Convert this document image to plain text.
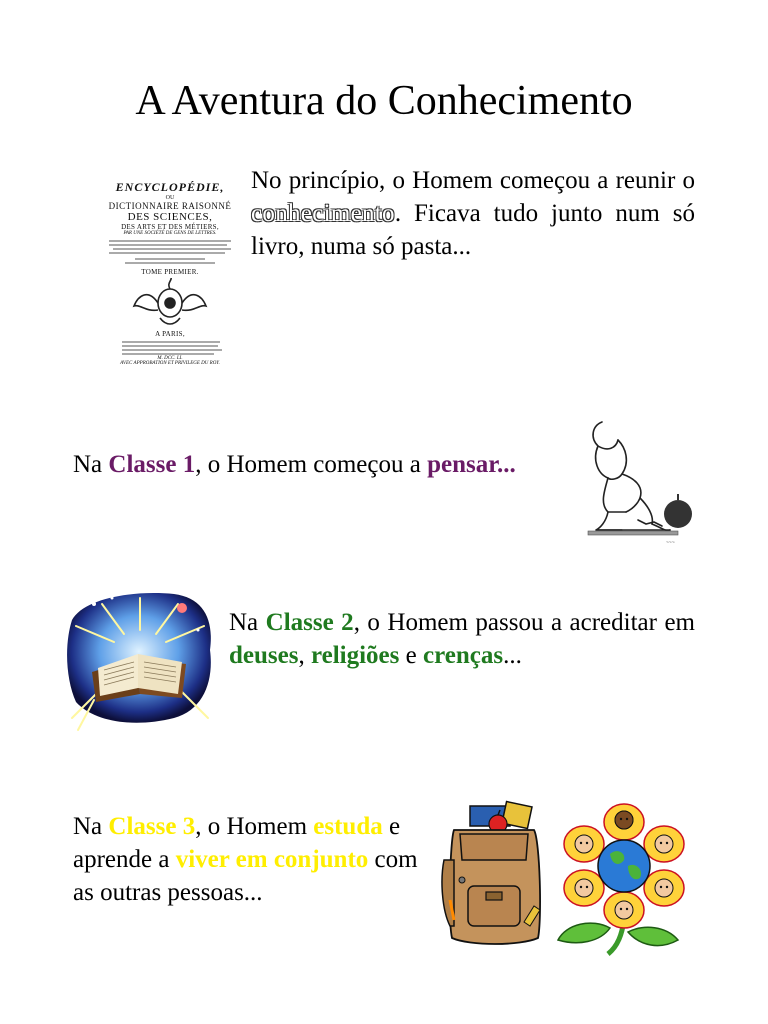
A Aventura do Conhecimento
ENCYCLOPÉDIE,
OU
DICTIONNAIRE RAISONNÉ
DES SCIENCES,
DES ARTS ET DES MÉTIERS,
PAR UNE SOCIÉTÉ DE GENS DE LETTRES.
TOME PREMIER.
A PARIS,
M. DCC. LI.
AVEC APPROBATION ET PRIVILEGE DU ROY.

No princípio, o Homem começou a reunir o conhecimento. Ficava tudo junto num só livro, numa só pasta...

Na Classe 1, o Homem começou a pensar...

~~~

Na Classe 2, o Homem passou a acreditar em deuses, religiões e crenças...

Na Classe 3, o Homem estuda e aprende a viver em conjunto com as outras pessoas...
